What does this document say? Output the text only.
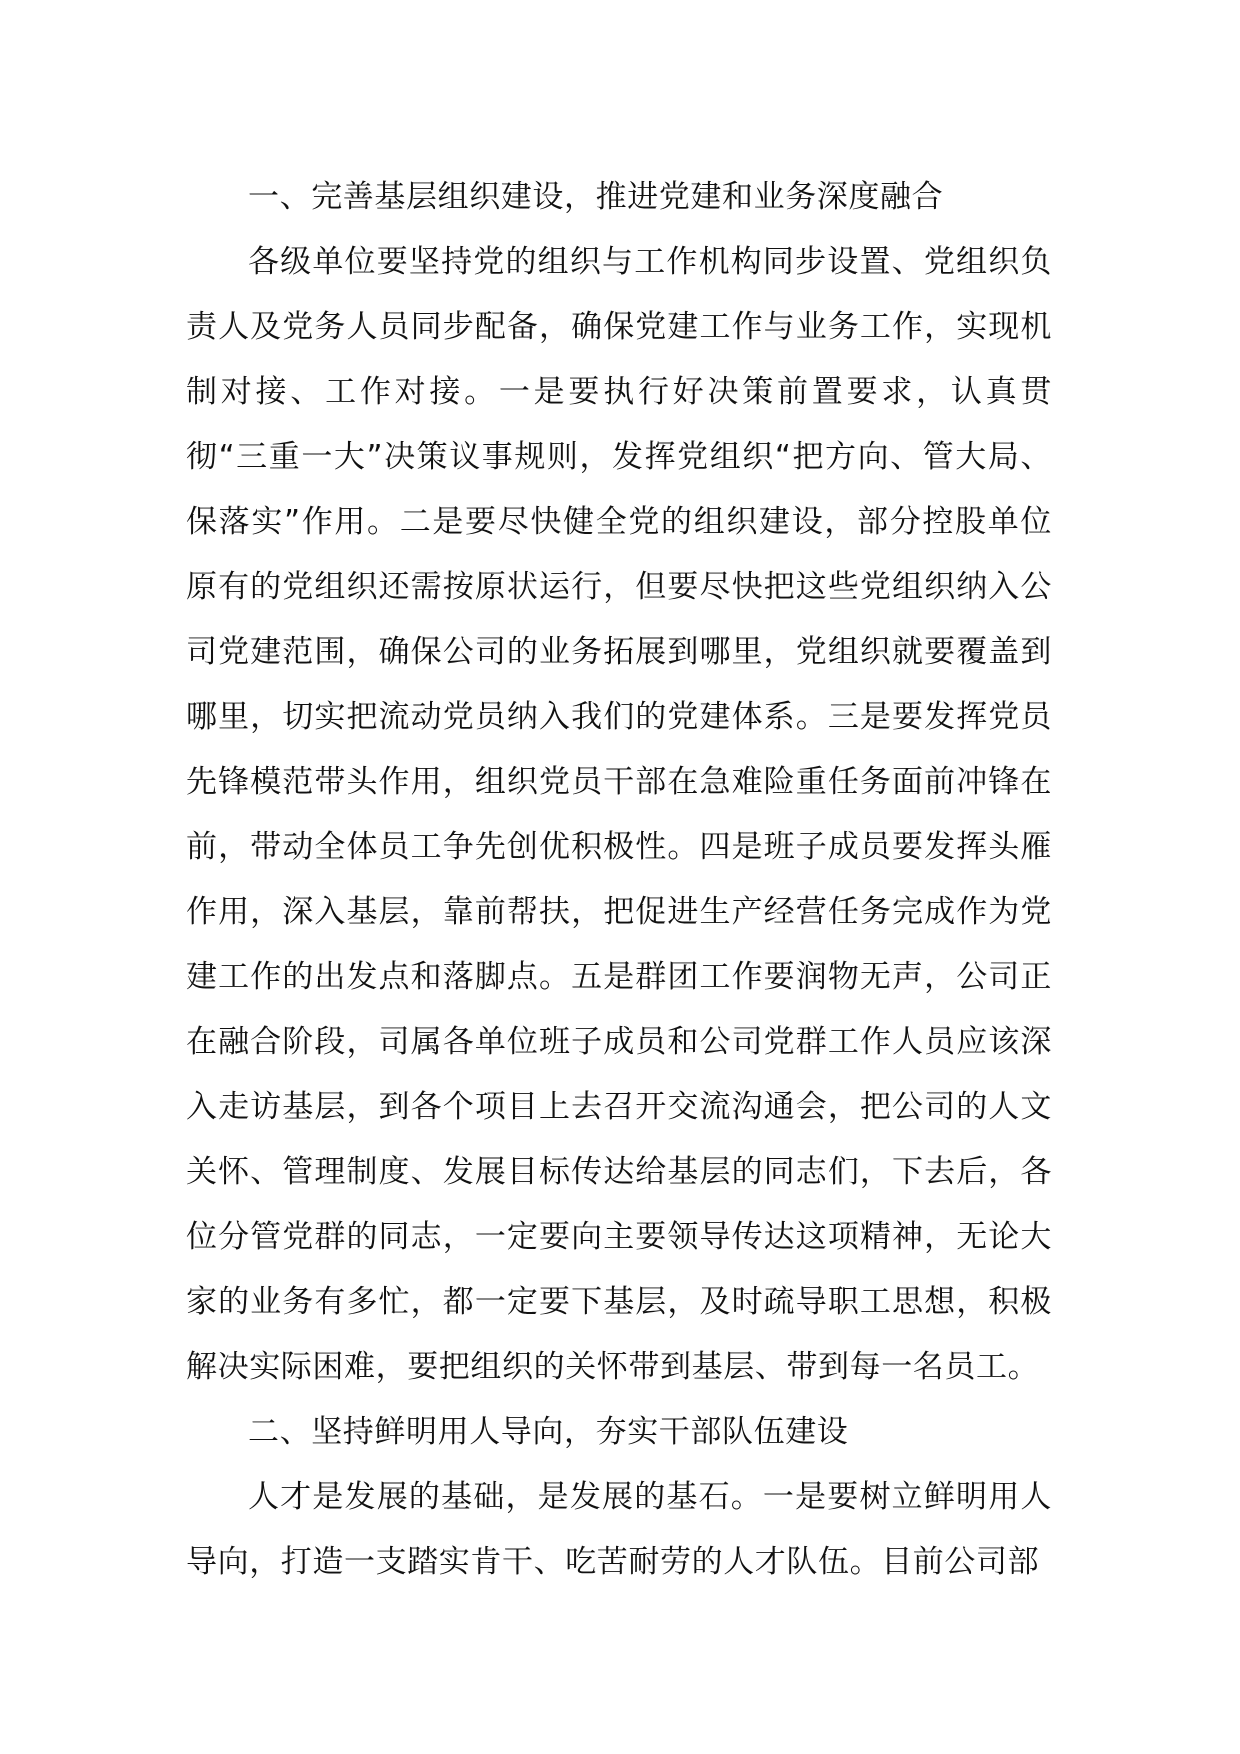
一、完善基层组织建设，推进党建和业务深度融合

各级单位要坚持党的组织与工作机构同步设置、党组织负责人及党务人员同步配备，确保党建工作与业务工作，实现机制对接、工作对接。一是要执行好决策前置要求，认真贯彻“三重一大”决策议事规则，发挥党组织“把方向、管大局、保落实”作用。二是要尽快健全党的组织建设，部分控股单位原有的党组织还需按原状运行，但要尽快把这些党组织纳入公司党建范围，确保公司的业务拓展到哪里，党组织就要覆盖到哪里，切实把流动党员纳入我们的党建体系。三是要发挥党员先锋模范带头作用，组织党员干部在急难险重任务面前冲锋在前，带动全体员工争先创优积极性。四是班子成员要发挥头雁作用，深入基层，靠前帮扶，把促进生产经营任务完成作为党建工作的出发点和落脚点。五是群团工作要润物无声，公司正在融合阶段，司属各单位班子成员和公司党群工作人员应该深入走访基层，到各个项目上去召开交流沟通会，把公司的人文关怀、管理制度、发展目标传达给基层的同志们，下去后，各位分管党群的同志，一定要向主要领导传达这项精神，无论大家的业务有多忙，都一定要下基层，及时疏导职工思想，积极解决实际困难，要把组织的关怀带到基层、带到每一名员工。

二、坚持鲜明用人导向，夯实干部队伍建设

人才是发展的基础，是发展的基石。一是要树立鲜明用人导向，打造一支踏实肯干、吃苦耐劳的人才队伍。目前公司部
